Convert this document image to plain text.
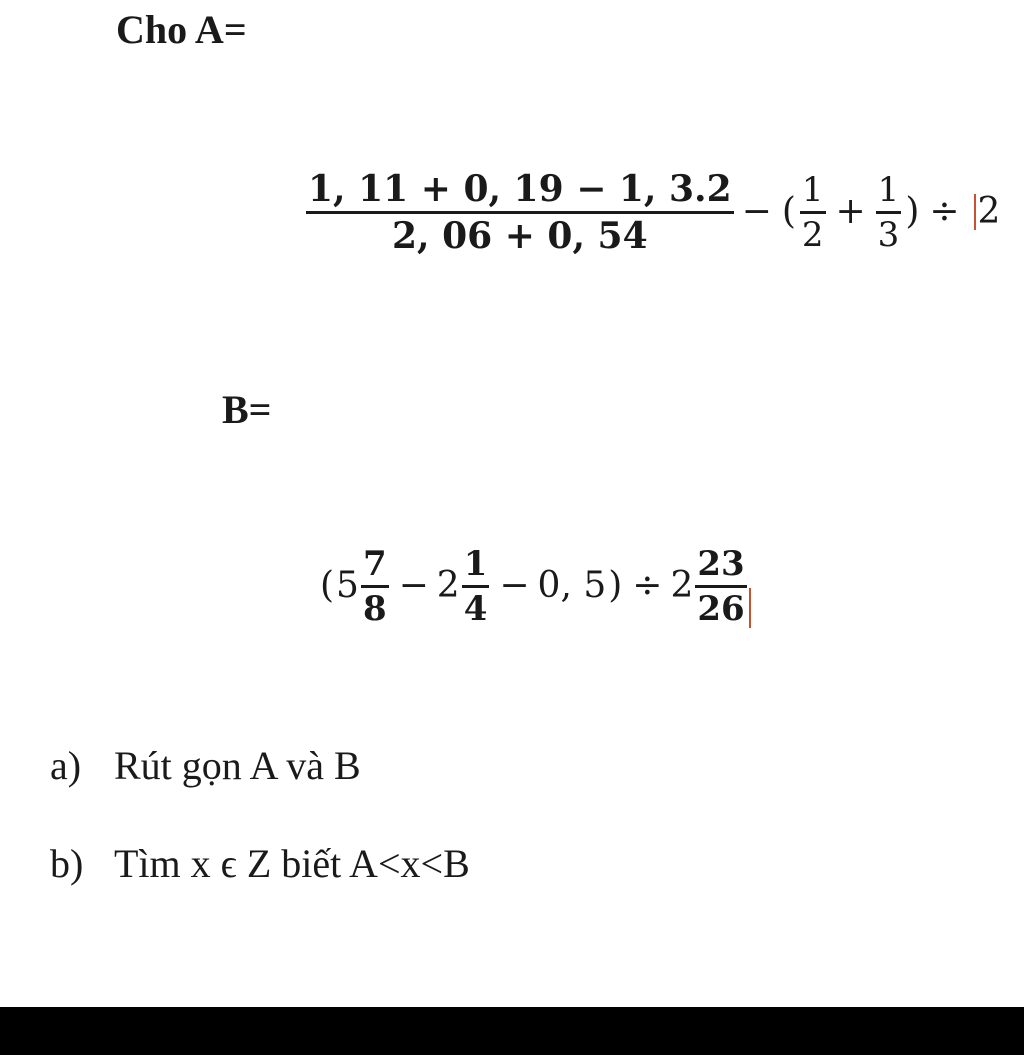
Cho A=
$\frac{1, 11 + 0, 19 - 1, 3.2}{2, 06 + 0, 54}$ − ( $\frac{1}{2} + \frac{1}{3}$ ) ÷ 2
B=
( $5 \frac{7}{8} - 2 \frac{1}{4} - 0$, 5 ) ÷ $2 \frac{23}{26}$
a) Rút gọn A và B
b) Tìm x ϵ Z biết A<x<B
